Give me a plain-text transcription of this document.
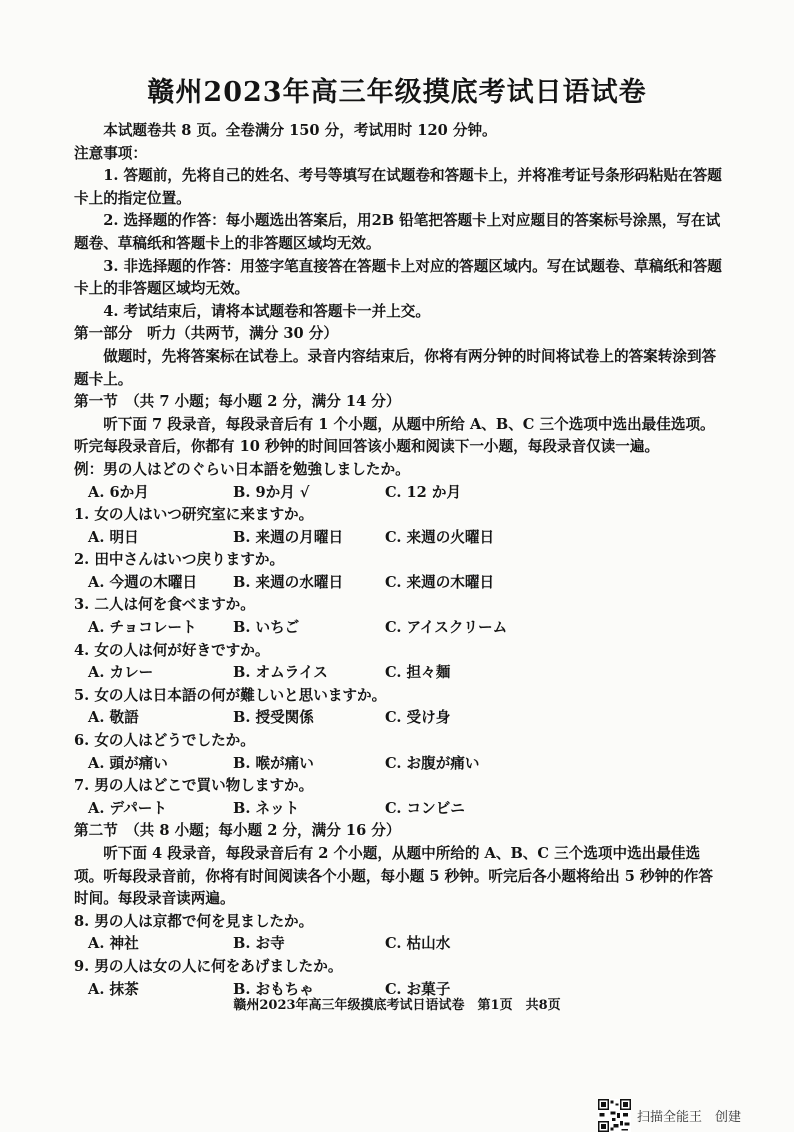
赣州2023年高三年级摸底考试日语试卷

本试题卷共 8 页。全卷满分 150 分，考试用时 120 分钟。

注意事项：

1. 答题前，先将自己的姓名、考号等填写在试题卷和答题卡上，并将准考证号条形码粘贴在答题卡上的指定位置。

2. 选择题的作答：每小题选出答案后，用2B 铅笔把答题卡上对应题目的答案标号涂黑，写在试题卷、草稿纸和答题卡上的非答题区域均无效。

3. 非选择题的作答：用签字笔直接答在答题卡上对应的答题区域内。写在试题卷、草稿纸和答题卡上的非答题区域均无效。

4. 考试结束后，请将本试题卷和答题卡一并上交。

第一部分　听力（共两节，满分 30 分）

做题时，先将答案标在试卷上。录音内容结束后，你将有两分钟的时间将试卷上的答案转涂到答题卡上。

第一节　（共 7 小题；每小题 2 分，满分 14 分）

听下面 7 段录音，每段录音后有 1 个小题，从题中所给 A、B、C 三个选项中选出最佳选项。听完每段录音后，你都有 10 秒钟的时间回答该小题和阅读下一小题，每段录音仅读一遍。

例：男の人はどのぐらい日本語を勉強しましたか。

A. 6か月	B. 9か月 √	C. 12 か月

1. 女の人はいつ研究室に来ますか。

A. 明日	B. 来週の月曜日	C. 来週の火曜日

2. 田中さんはいつ戻りますか。

A. 今週の木曜日	B. 来週の水曜日	C. 来週の木曜日

3. 二人は何を食べますか。

A. チョコレート	B. いちご	C. アイスクリーム

4. 女の人は何が好きですか。

A. カレー	B. オムライス	C. 担々麺

5. 女の人は日本語の何が難しいと思いますか。

A. 敬語	B. 授受関係	C. 受け身

6. 女の人はどうでしたか。

A. 頭が痛い	B. 喉が痛い	C. お腹が痛い

7. 男の人はどこで買い物しますか。

A. デパート	B. ネット	C. コンビニ

第二节　（共 8 小题；每小题 2 分，满分 16 分）

听下面 4 段录音，每段录音后有 2 个小题，从题中所给的 A、B、C 三个选项中选出最佳选项。听每段录音前，你将有时间阅读各个小题，每小题 5 秒钟。听完后各小题将给出 5 秒钟的作答时间。每段录音读两遍。

8. 男の人は京都で何を見ましたか。

A. 神社	B. お寺	C. 枯山水

9. 男の人は女の人に何をあげましたか。

A. 抹茶	B. おもちゃ	C. お菓子
赣州2023年高三年级摸底考试日语试卷　第1页　共8页
扫描全能王　创建
